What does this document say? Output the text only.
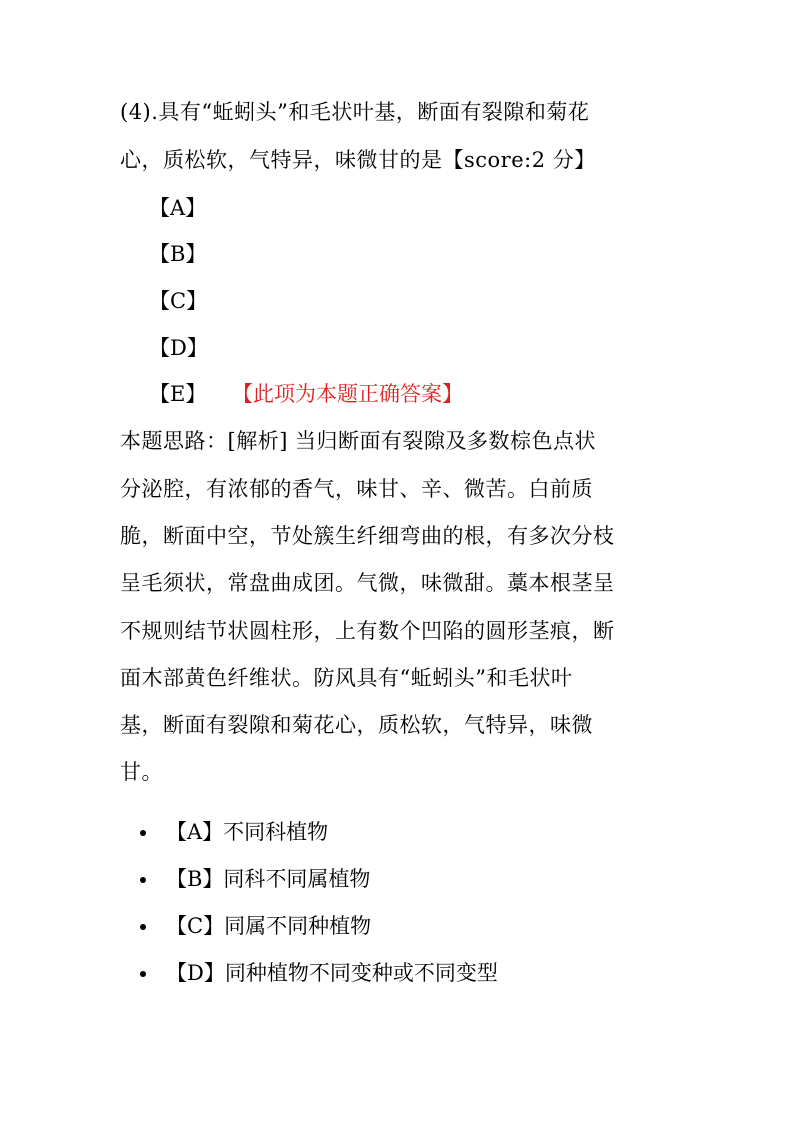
(4).具有“蚯蚓头”和毛状叶基，断面有裂隙和菊花
心，质松软，气特异，味微甘的是【score:2 分】
【A】
【B】
【C】
【D】
【E】 【此项为本题正确答案】
本题思路：[解析] 当归断面有裂隙及多数棕色点状
分泌腔，有浓郁的香气，味甘、辛、微苦。白前质
脆，断面中空，节处簇生纤细弯曲的根，有多次分枝
呈毛须状，常盘曲成团。气微，味微甜。藁本根茎呈
不规则结节状圆柱形，上有数个凹陷的圆形茎痕，断
面木部黄色纤维状。防风具有“蚯蚓头”和毛状叶
基，断面有裂隙和菊花心，质松软，气特异，味微
甘。
【A】不同科植物
【B】同科不同属植物
【C】同属不同种植物
【D】同种植物不同变种或不同变型
